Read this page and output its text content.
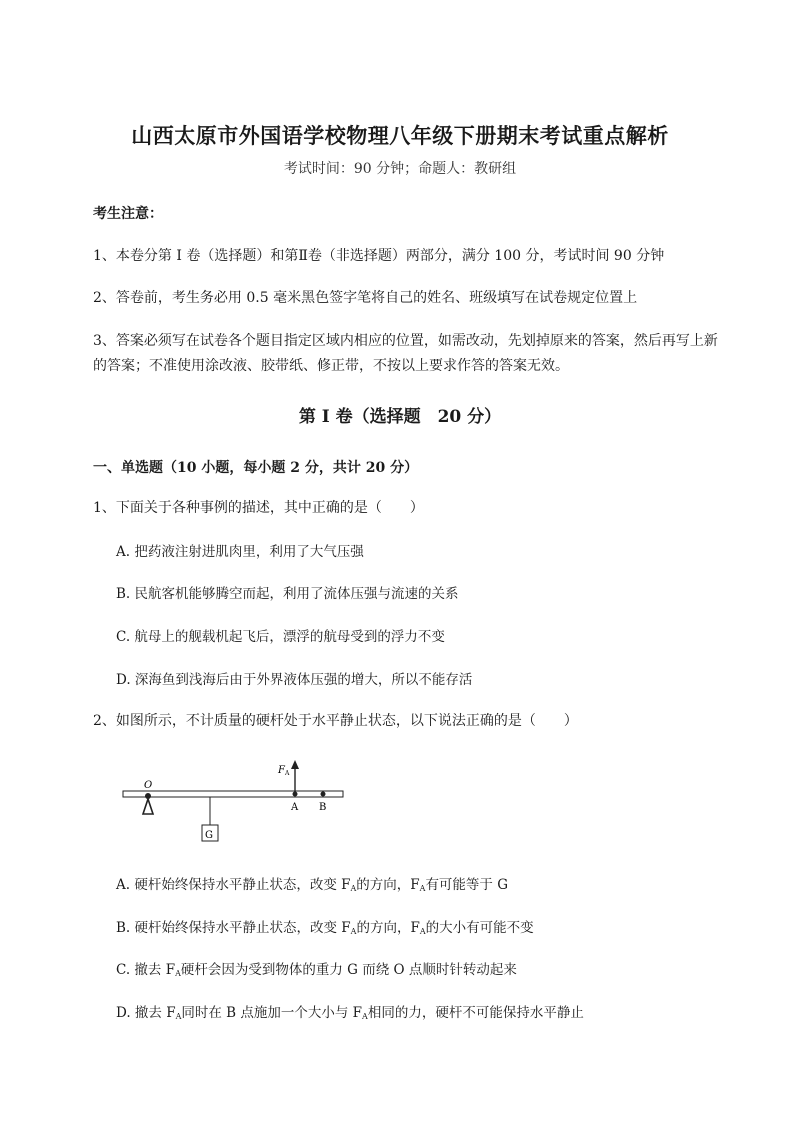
山西太原市外国语学校物理八年级下册期末考试重点解析
考试时间：90 分钟；命题人：教研组
考生注意：
1、本卷分第 I 卷（选择题）和第Ⅱ卷（非选择题）两部分，满分 100 分，考试时间 90 分钟
2、答卷前，考生务必用 0.5 毫米黑色签字笔将自己的姓名、班级填写在试卷规定位置上
3、答案必须写在试卷各个题目指定区域内相应的位置，如需改动，先划掉原来的答案，然后再写上新
的答案；不准使用涂改液、胶带纸、修正带，不按以上要求作答的答案无效。
第 I 卷（选择题　20 分）
一、单选题（10 小题，每小题 2 分，共计 20 分）
1、下面关于各种事例的描述，其中正确的是（　　）
A. 把药液注射进肌肉里，利用了大气压强
B. 民航客机能够腾空而起，利用了流体压强与流速的关系
C. 航母上的舰载机起飞后，漂浮的航母受到的浮力不变
D. 深海鱼到浅海后由于外界液体压强的增大，所以不能存活
2、如图所示，不计质量的硬杆处于水平静止状态，以下说法正确的是（　　）
O
G
$F_A$
A B
A. 硬杆始终保持水平静止状态，改变 $F_A$的方向，$F_A$有可能等于 G
B. 硬杆始终保持水平静止状态，改变 $F_A$的方向，$F_A$的大小有可能不变
C. 撤去 $F_A$硬杆会因为受到物体的重力 G 而绕 O 点顺时针转动起来
D. 撤去 $F_A$同时在 B 点施加一个大小与 $F_A$相同的力，硬杆不可能保持水平静止
